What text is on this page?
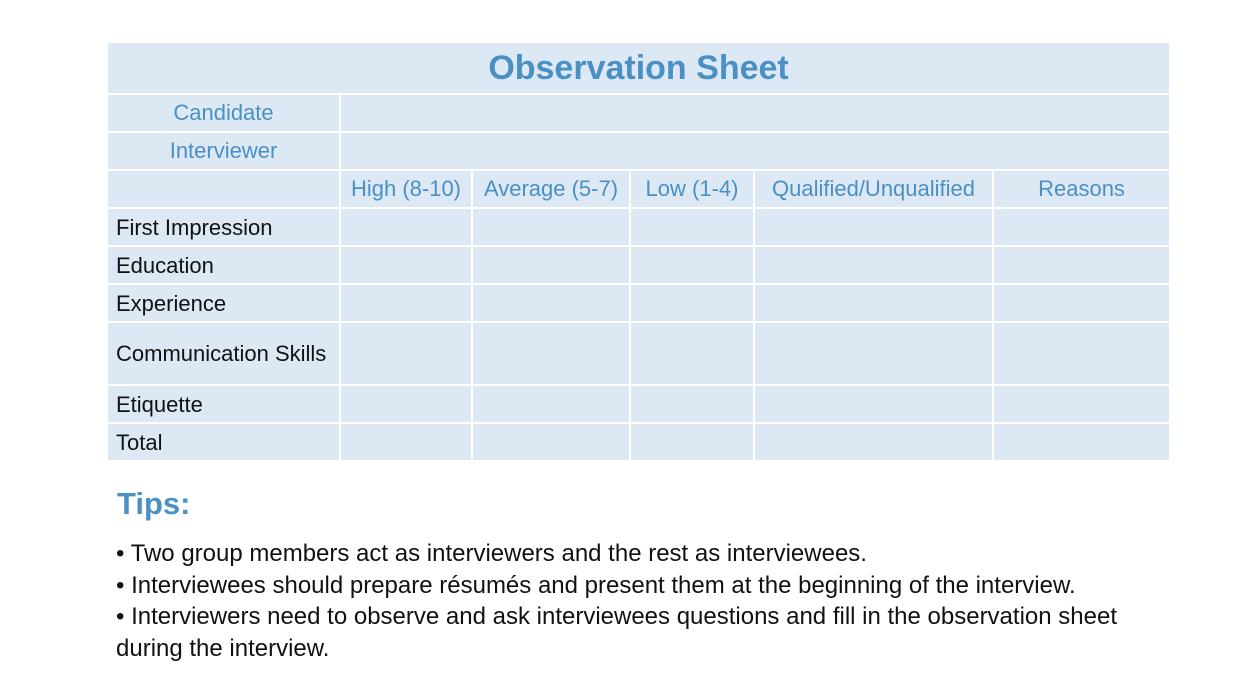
Observation Sheet					
Candidate					
Interviewer					
	High (8-10)	Average (5-7)	Low (1-4)	Qualified/Unqualified	Reasons
First Impression					
Education					
Experience					
Communication Skills					
Etiquette					
Total					
Tips:
• Two group members act as interviewers and the rest as interviewees.
• Interviewees should prepare résumés and present them at the beginning of the interview.
• Interviewers need to observe and ask interviewees questions and fill in the observation sheet during the interview.
